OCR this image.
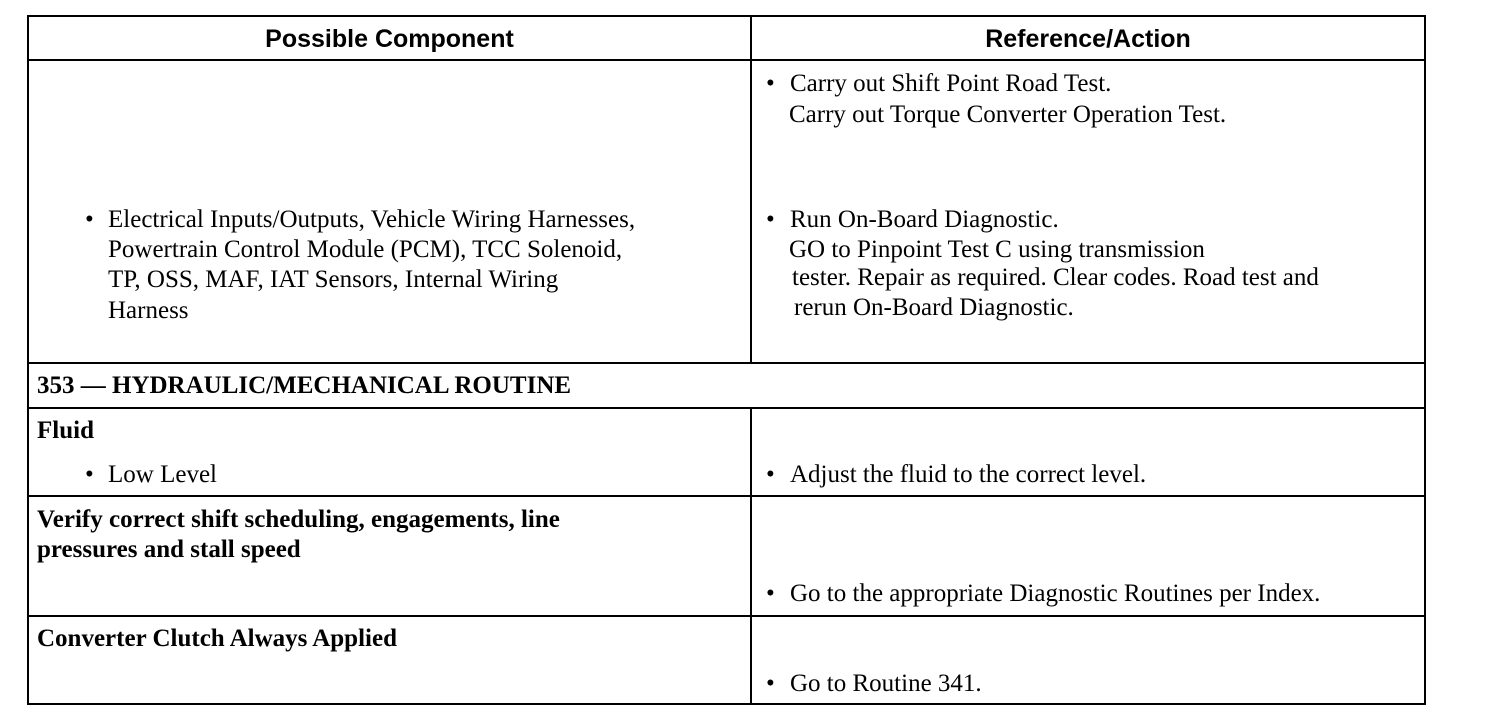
Possible Component	Reference/Action
• Carry out Shift Point Road Test.
Carry out Torque Converter Operation Test.
• Electrical Inputs/Outputs, Vehicle Wiring Harnesses,
Powertrain Control Module (PCM), TCC Solenoid,
TP, OSS, MAF, IAT Sensors, Internal Wiring
Harness
• Run On-Board Diagnostic.
GO to Pinpoint Test C using transmission
tester. Repair as required. Clear codes. Road test and
rerun On-Board Diagnostic.
353 — HYDRAULIC/MECHANICAL ROUTINE
Fluid
• Low Level	• Adjust the fluid to the correct level.
Verify correct shift scheduling, engagements, line
pressures and stall speed
• Go to the appropriate Diagnostic Routines per Index.
Converter Clutch Always Applied
• Go to Routine 341.
